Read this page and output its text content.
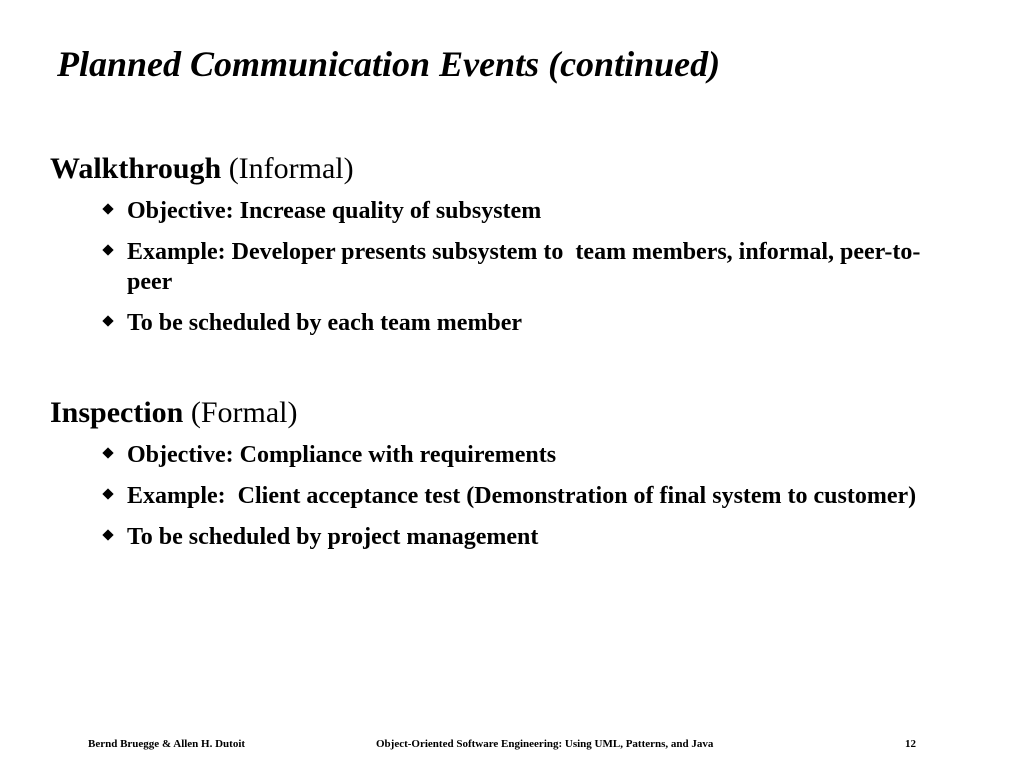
Planned Communication Events (continued)

Walkthrough (Informal)

Objective: Increase quality of subsystem
Example: Developer presents subsystem to  team members, informal, peer-to-peer
To be scheduled by each team member

Inspection (Formal)

Objective: Compliance with requirements
Example:  Client acceptance test (Demonstration of final system to customer)
To be scheduled by project management
Bernd Bruegge & Allen H. Dutoit	Object-Oriented Software Engineering: Using UML, Patterns, and Java	12
